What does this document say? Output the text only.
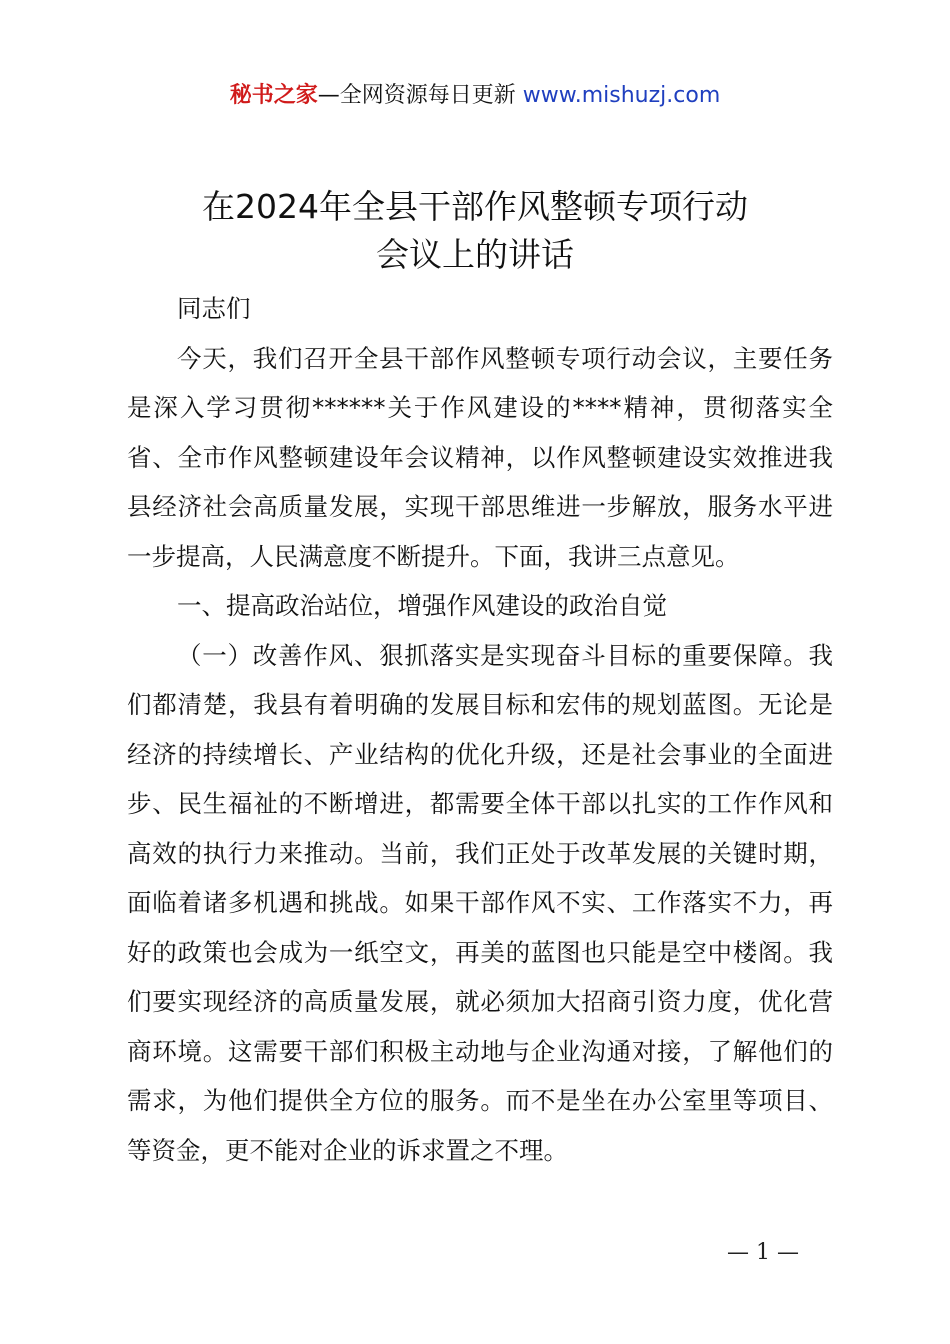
秘书之家—全网资源每日更新 www.mishuzj.com
在2024年全县干部作风整顿专项行动
会议上的讲话

同志们

今天，我们召开全县干部作风整顿专项行动会议，主要任务是深入学习贯彻******关于作风建设的****精神，贯彻落实全省、全市作风整顿建设年会议精神，以作风整顿建设实效推进我县经济社会高质量发展，实现干部思维进一步解放，服务水平进一步提高，人民满意度不断提升。下面，我讲三点意见。

一、提高政治站位，增强作风建设的政治自觉

（一）改善作风、狠抓落实是实现奋斗目标的重要保障。我们都清楚，我县有着明确的发展目标和宏伟的规划蓝图。无论是经济的持续增长、产业结构的优化升级，还是社会事业的全面进步、民生福祉的不断增进，都需要全体干部以扎实的工作作风和高效的执行力来推动。当前，我们正处于改革发展的关键时期，面临着诸多机遇和挑战。如果干部作风不实、工作落实不力，再好的政策也会成为一纸空文，再美的蓝图也只能是空中楼阁。我们要实现经济的高质量发展，就必须加大招商引资力度，优化营商环境。这需要干部们积极主动地与企业沟通对接，了解他们的需求，为他们提供全方位的服务。而不是坐在办公室里等项目、等资金，更不能对企业的诉求置之不理。

— 1 —
